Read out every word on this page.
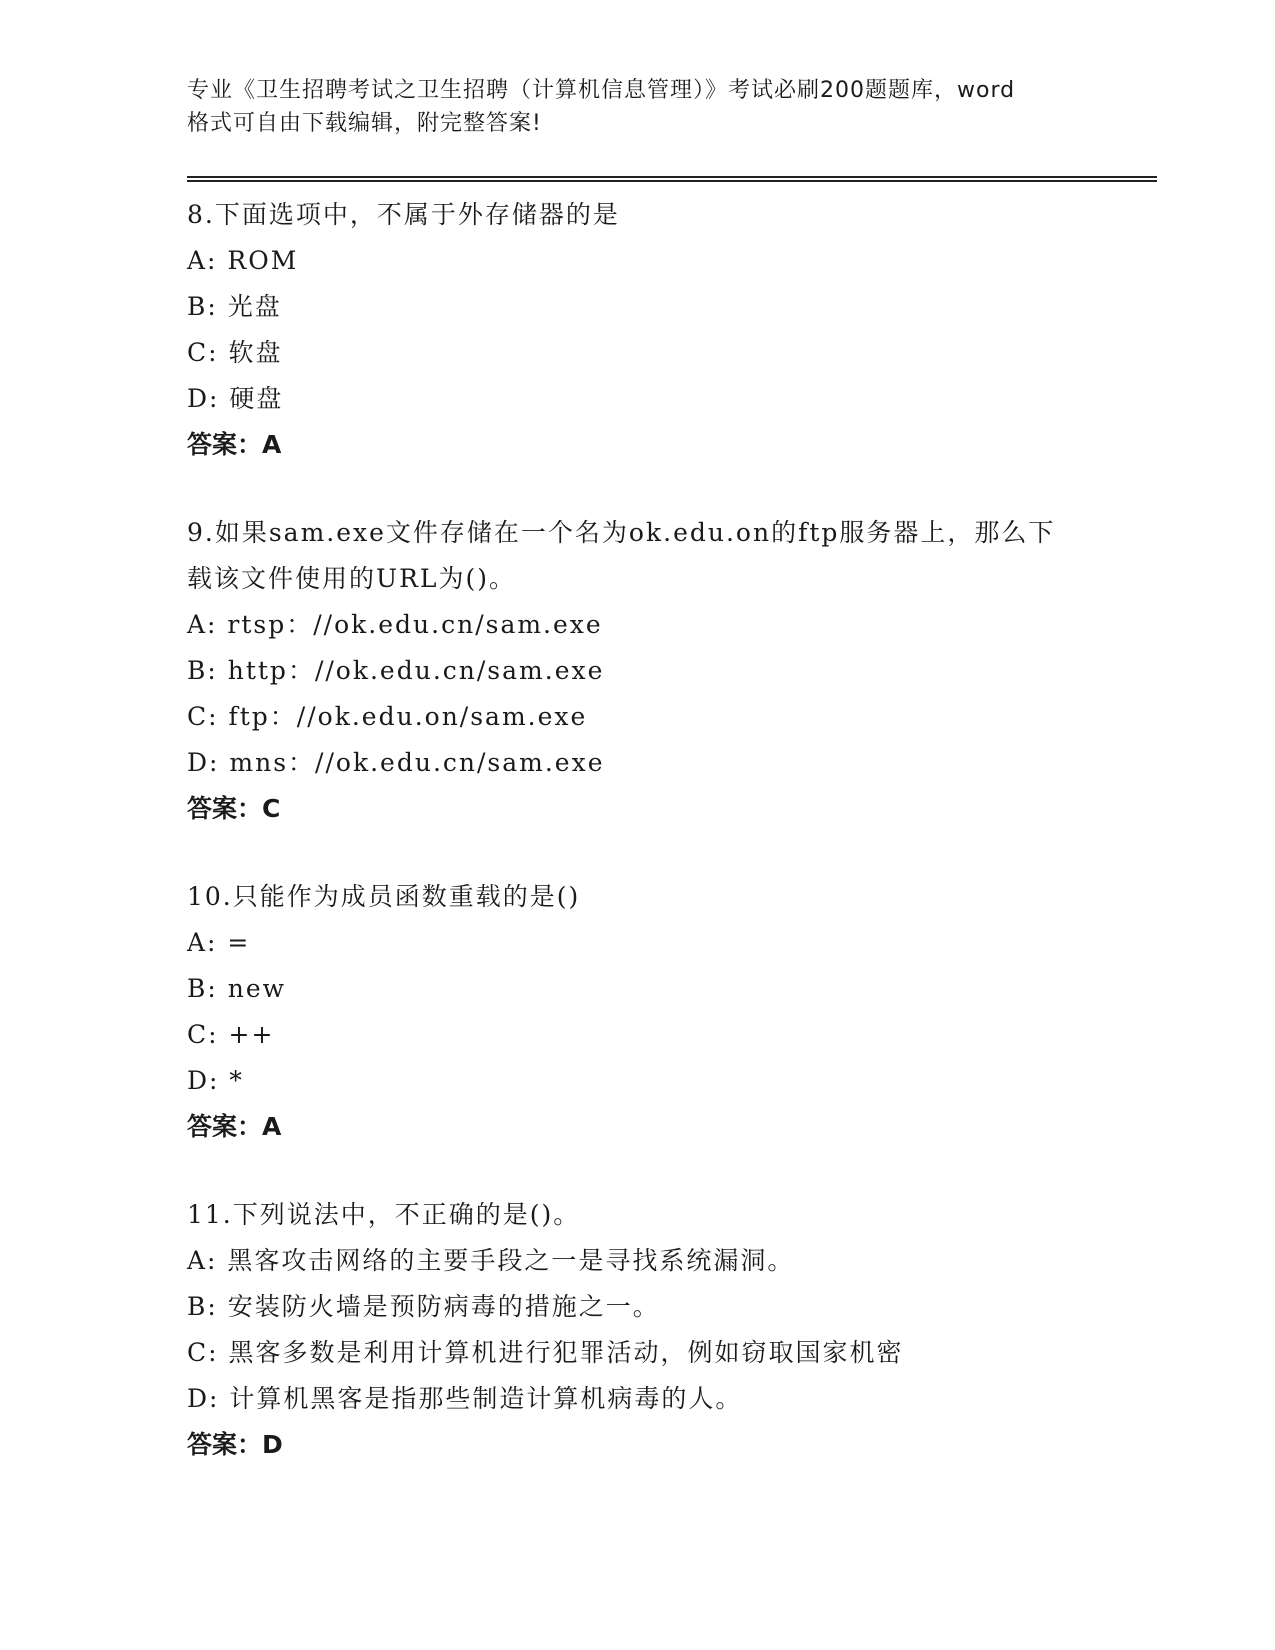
专业《卫生招聘考试之卫生招聘（计算机信息管理）》考试必刷200题题库，word
格式可自由下载编辑，附完整答案!

8.下面选项中，不属于外存储器的是

A: ROM

B: 光盘

C: 软盘

D: 硬盘

答案：A

9.如果sam.exe文件存储在一个名为ok.edu.on的ftp服务器上，那么下载该文件使用的URL为()。

A: rtsp：//ok.edu.cn/sam.exe

B: http：//ok.edu.cn/sam.exe

C: ftp：//ok.edu.on/sam.exe

D: mns：//ok.edu.cn/sam.exe

答案：C

10.只能作为成员函数重载的是()

A: =

B: new

C: ++

D: *

答案：A

11.下列说法中，不正确的是()。

A: 黑客攻击网络的主要手段之一是寻找系统漏洞。

B: 安装防火墙是预防病毒的措施之一。

C: 黑客多数是利用计算机进行犯罪活动，例如窃取国家机密

D: 计算机黑客是指那些制造计算机病毒的人。

答案：D
